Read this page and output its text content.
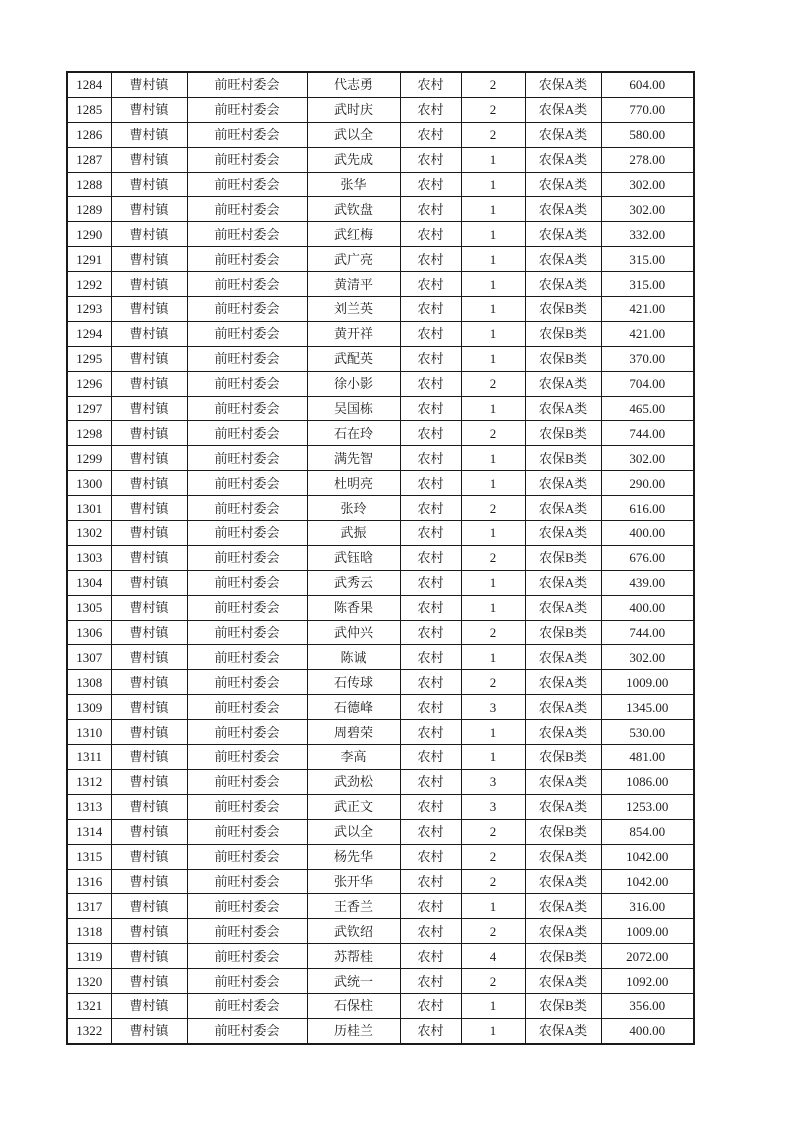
1284	曹村镇	前旺村委会	代志勇	农村	2	农保A类	604.00
1285	曹村镇	前旺村委会	武时庆	农村	2	农保A类	770.00
1286	曹村镇	前旺村委会	武以全	农村	2	农保A类	580.00
1287	曹村镇	前旺村委会	武先成	农村	1	农保A类	278.00
1288	曹村镇	前旺村委会	张华	农村	1	农保A类	302.00
1289	曹村镇	前旺村委会	武钦盘	农村	1	农保A类	302.00
1290	曹村镇	前旺村委会	武红梅	农村	1	农保A类	332.00
1291	曹村镇	前旺村委会	武广亮	农村	1	农保A类	315.00
1292	曹村镇	前旺村委会	黄清平	农村	1	农保A类	315.00
1293	曹村镇	前旺村委会	刘兰英	农村	1	农保B类	421.00
1294	曹村镇	前旺村委会	黄开祥	农村	1	农保B类	421.00
1295	曹村镇	前旺村委会	武配英	农村	1	农保B类	370.00
1296	曹村镇	前旺村委会	徐小影	农村	2	农保A类	704.00
1297	曹村镇	前旺村委会	吴国栋	农村	1	农保A类	465.00
1298	曹村镇	前旺村委会	石在玲	农村	2	农保B类	744.00
1299	曹村镇	前旺村委会	满先智	农村	1	农保B类	302.00
1300	曹村镇	前旺村委会	杜明亮	农村	1	农保A类	290.00
1301	曹村镇	前旺村委会	张玲	农村	2	农保A类	616.00
1302	曹村镇	前旺村委会	武振	农村	1	农保A类	400.00
1303	曹村镇	前旺村委会	武钰晗	农村	2	农保B类	676.00
1304	曹村镇	前旺村委会	武秀云	农村	1	农保A类	439.00
1305	曹村镇	前旺村委会	陈香果	农村	1	农保A类	400.00
1306	曹村镇	前旺村委会	武仲兴	农村	2	农保B类	744.00
1307	曹村镇	前旺村委会	陈诚	农村	1	农保A类	302.00
1308	曹村镇	前旺村委会	石传球	农村	2	农保A类	1009.00
1309	曹村镇	前旺村委会	石德峰	农村	3	农保A类	1345.00
1310	曹村镇	前旺村委会	周碧荣	农村	1	农保A类	530.00
1311	曹村镇	前旺村委会	李高	农村	1	农保B类	481.00
1312	曹村镇	前旺村委会	武劲松	农村	3	农保A类	1086.00
1313	曹村镇	前旺村委会	武正文	农村	3	农保A类	1253.00
1314	曹村镇	前旺村委会	武以全	农村	2	农保B类	854.00
1315	曹村镇	前旺村委会	杨先华	农村	2	农保A类	1042.00
1316	曹村镇	前旺村委会	张开华	农村	2	农保A类	1042.00
1317	曹村镇	前旺村委会	王香兰	农村	1	农保A类	316.00
1318	曹村镇	前旺村委会	武钦绍	农村	2	农保A类	1009.00
1319	曹村镇	前旺村委会	苏帮桂	农村	4	农保B类	2072.00
1320	曹村镇	前旺村委会	武统一	农村	2	农保A类	1092.00
1321	曹村镇	前旺村委会	石保柱	农村	1	农保B类	356.00
1322	曹村镇	前旺村委会	历桂兰	农村	1	农保A类	400.00
